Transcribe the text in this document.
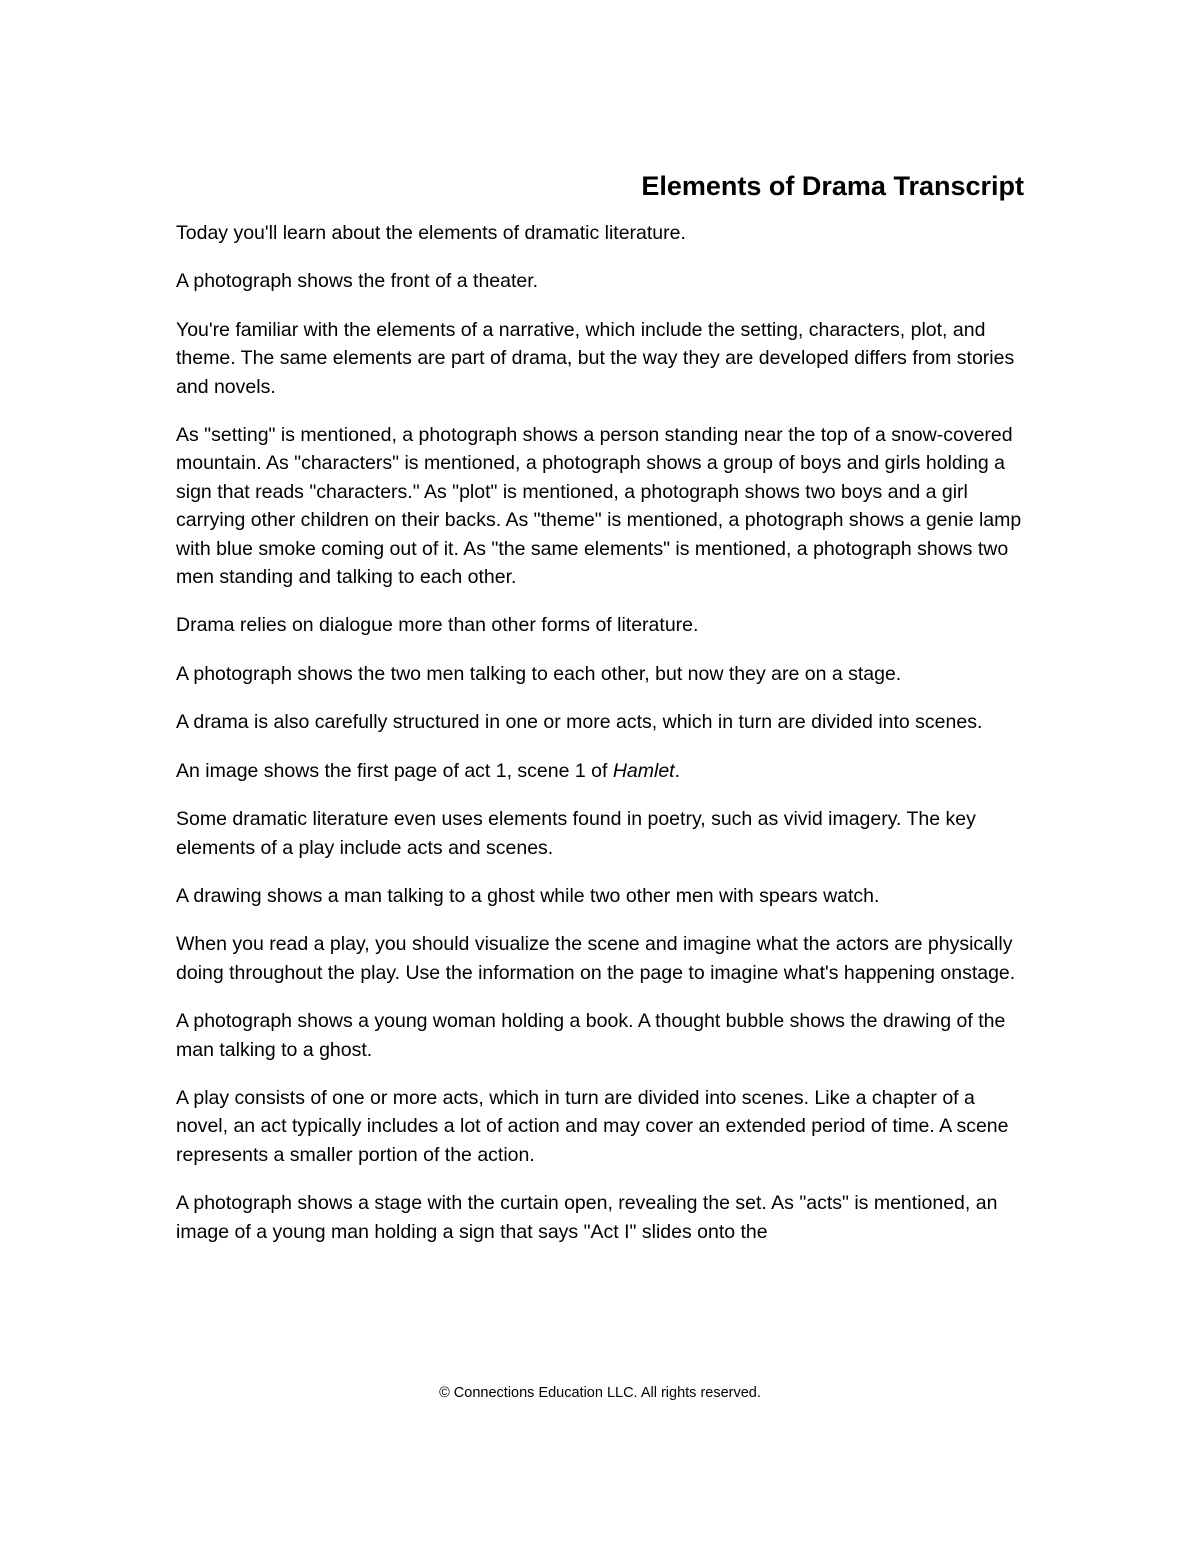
Elements of Drama Transcript

Today you'll learn about the elements of dramatic literature.

A photograph shows the front of a theater.

You're familiar with the elements of a narrative, which include the setting, characters, plot, and theme. The same elements are part of drama, but the way they are developed differs from stories and novels.

As "setting" is mentioned, a photograph shows a person standing near the top of a snow-covered mountain. As "characters" is mentioned, a photograph shows a group of boys and girls holding a sign that reads "characters." As "plot" is mentioned, a photograph shows two boys and a girl carrying other children on their backs. As "theme" is mentioned, a photograph shows a genie lamp with blue smoke coming out of it. As "the same elements" is mentioned, a photograph shows two men standing and talking to each other.

Drama relies on dialogue more than other forms of literature.

A photograph shows the two men talking to each other, but now they are on a stage.

A drama is also carefully structured in one or more acts, which in turn are divided into scenes.

An image shows the first page of act 1, scene 1 of Hamlet.

Some dramatic literature even uses elements found in poetry, such as vivid imagery. The key elements of a play include acts and scenes.

A drawing shows a man talking to a ghost while two other men with spears watch.

When you read a play, you should visualize the scene and imagine what the actors are physically doing throughout the play. Use the information on the page to imagine what's happening onstage.

A photograph shows a young woman holding a book. A thought bubble shows the drawing of the man talking to a ghost.

A play consists of one or more acts, which in turn are divided into scenes. Like a chapter of a novel, an act typically includes a lot of action and may cover an extended period of time. A scene represents a smaller portion of the action.

A photograph shows a stage with the curtain open, revealing the set. As "acts" is mentioned, an image of a young man holding a sign that says "Act I" slides onto the

© Connections Education LLC. All rights reserved.
